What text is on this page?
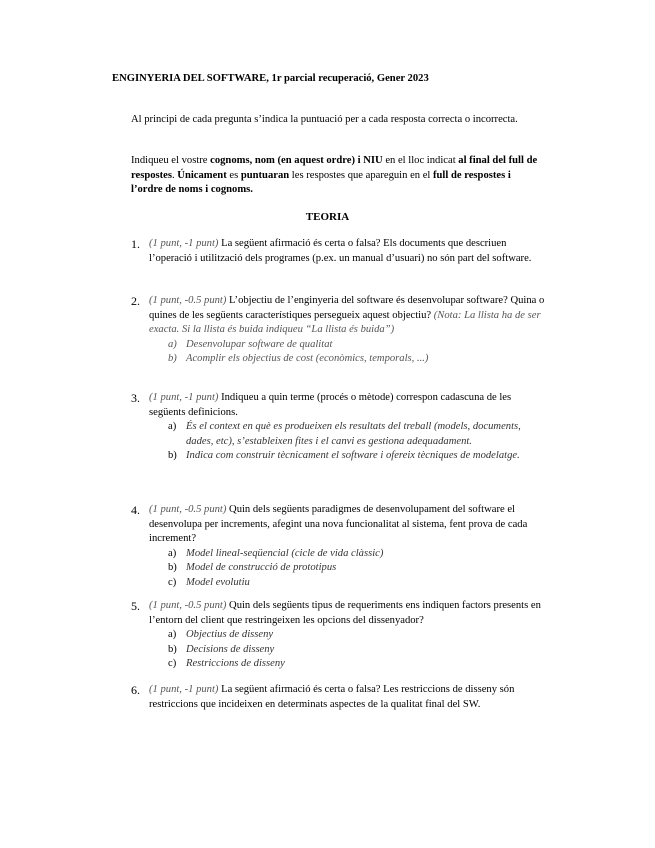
ENGINYERIA DEL SOFTWARE, 1r parcial recuperació, Gener 2023

Al principi de cada pregunta s’indica la puntuació per a cada resposta correcta o incorrecta.

Indiqueu el vostre cognoms, nom (en aquest ordre) i NIU en el lloc indicat al final del full de respostes. Únicament es puntuaran les respostes que apareguin en el full de respostes i l’ordre de noms i cognoms.

TEORIA
1. (1 punt, -1 punt) La següent afirmació és certa o falsa? Els documents que descriuen l’operació i utilització dels programes (p.ex. un manual d’usuari) no són part del software.
2. (1 punt, -0.5 punt) L’objectiu de l’enginyeria del software és desenvolupar software? Quina o quines de les següents característiques persegueix aquest objectiu? (Nota: La llista ha de ser exacta. Si la llista és buida indiqueu “La llista és buida”)
a) Desenvolupar software de qualitat
b) Acomplir els objectius de cost (econòmics, temporals, ...)
3. (1 punt, -1 punt) Indiqueu a quin terme (procés o mètode) correspon cadascuna de les següents definicions.
a) És el context en què es produeixen els resultats del treball (models, documents, dades, etc), s’estableixen fites i el canvi es gestiona adequadament.
b) Indica com construir tècnicament el software i ofereix tècniques de modelatge.
4. (1 punt, -0.5 punt) Quin dels següents paradigmes de desenvolupament del software el desenvolupa per increments, afegint una nova funcionalitat al sistema, fent prova de cada increment?
a) Model lineal-seqüencial (cicle de vida clàssic)
b) Model de construcció de prototipus
c) Model evolutiu
5. (1 punt, -0.5 punt) Quin dels següents tipus de requeriments ens indiquen factors presents en l’entorn del client que restringeixen les opcions del dissenyador?
a) Objectius de disseny
b) Decisions de disseny
c) Restriccions de disseny
6. (1 punt, -1 punt) La següent afirmació és certa o falsa? Les restriccions de disseny són restriccions que incideixen en determinats aspectes de la qualitat final del SW.
